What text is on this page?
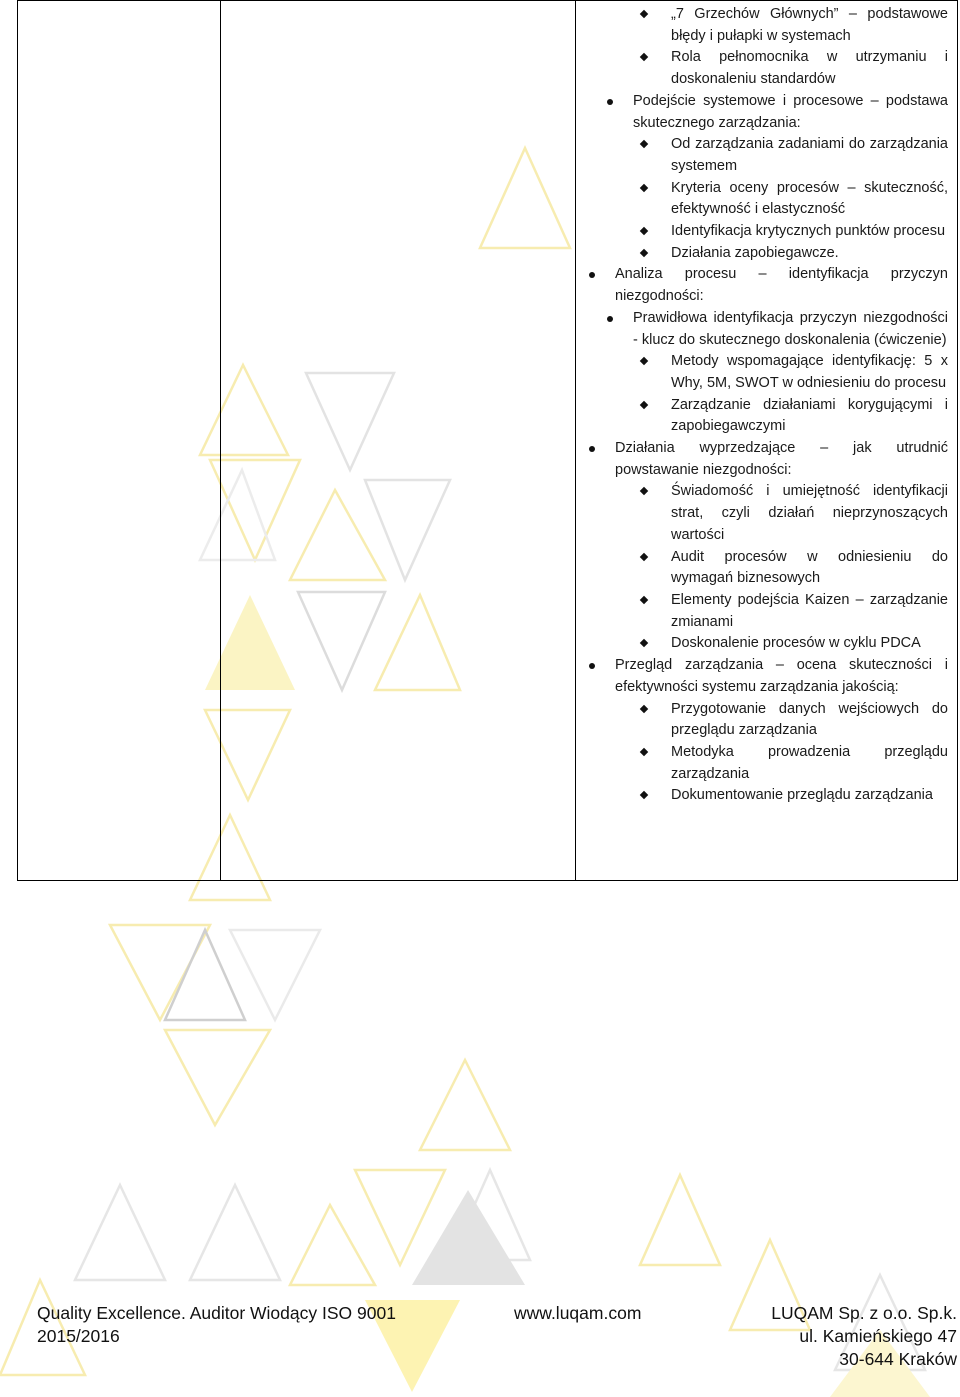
„7 Grzechów Głównych” – podstawowe błędy i pułapki w systemach
Rola pełnomocnika w utrzymaniu i doskonaleniu standardów
Podejście systemowe i procesowe – podstawa skutecznego zarządzania:
Od zarządzania zadaniami do zarządzania systemem
Kryteria oceny procesów – skuteczność, efektywność i elastyczność
Identyfikacja krytycznych punktów procesu
Działania zapobiegawcze.
Analiza procesu – identyfikacja przyczyn niezgodności:
Prawidłowa identyfikacja przyczyn niezgodności - klucz do skutecznego doskonalenia (ćwiczenie)
Metody wspomagające identyfikację: 5 x Why, 5M, SWOT w odniesieniu do procesu
Zarządzanie działaniami korygującymi i zapobiegawczymi
Działania wyprzedzające – jak utrudnić powstawanie niezgodności:
Świadomość i umiejętność identyfikacji strat, czyli działań nieprzynoszących wartości
Audit procesów w odniesieniu do wymagań biznesowych
Elementy podejścia Kaizen – zarządzanie zmianami
Doskonalenie procesów w cyklu PDCA
Przegląd zarządzania – ocena skuteczności i efektywności systemu zarządzania jakością:
Przygotowanie danych wejściowych do przeglądu zarządzania
Metodyka prowadzenia przeglądu zarządzania
Dokumentowanie przeglądu zarządzania
Quality Excellence. Auditor Wiodący ISO 9001
2015/2016
www.luqam.com	LUQAM Sp. z o.o. Sp.k.
ul. Kamieńskiego 47
30-644 Kraków
